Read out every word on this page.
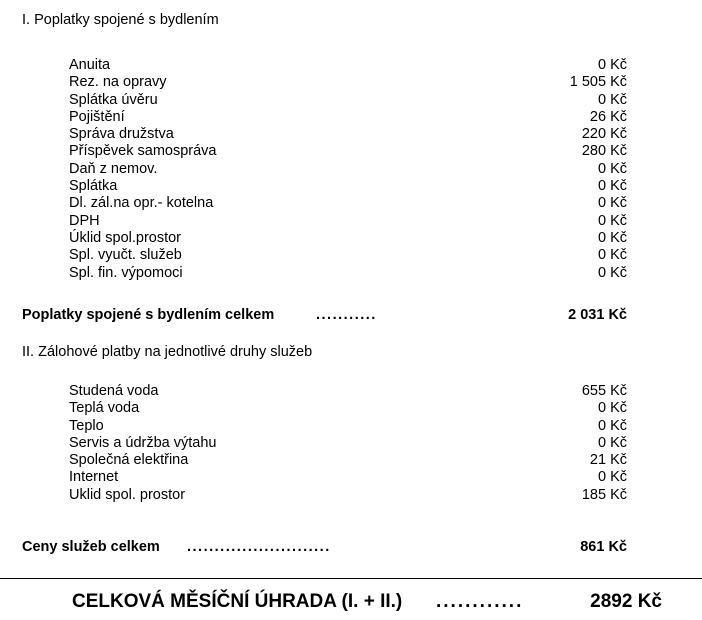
I. Poplatky spojené s bydlením
Anuita	0 Kč
Rez. na opravy	1 505 Kč
Splátka úvěru	0 Kč
Pojištění	26 Kč
Správa družstva	220 Kč
Příspěvek samospráva	280 Kč
Daň z nemov.	0 Kč
Splátka	0 Kč
Dl. zál.na opr.- kotelna	0 Kč
DPH	0 Kč
Úklid spol.prostor	0 Kč
Spl. vyučt. služeb	0 Kč
Spl. fin. výpomoci	0 Kč
Poplatky spojené s bydlením celkem	...........	2 031 Kč
II. Zálohové platby na jednotlivé druhy služeb
Studená voda	655 Kč
Teplá voda	0 Kč
Teplo	0 Kč
Servis a údržba výtahu	0 Kč
Společná elektřina	21 Kč
Internet	0 Kč
Uklid spol. prostor	185 Kč
Ceny služeb celkem ..........................	861 Kč
CELKOVÁ MĚSÍČNÍ ÚHRADA (I. + II.) ............	2892 Kč
